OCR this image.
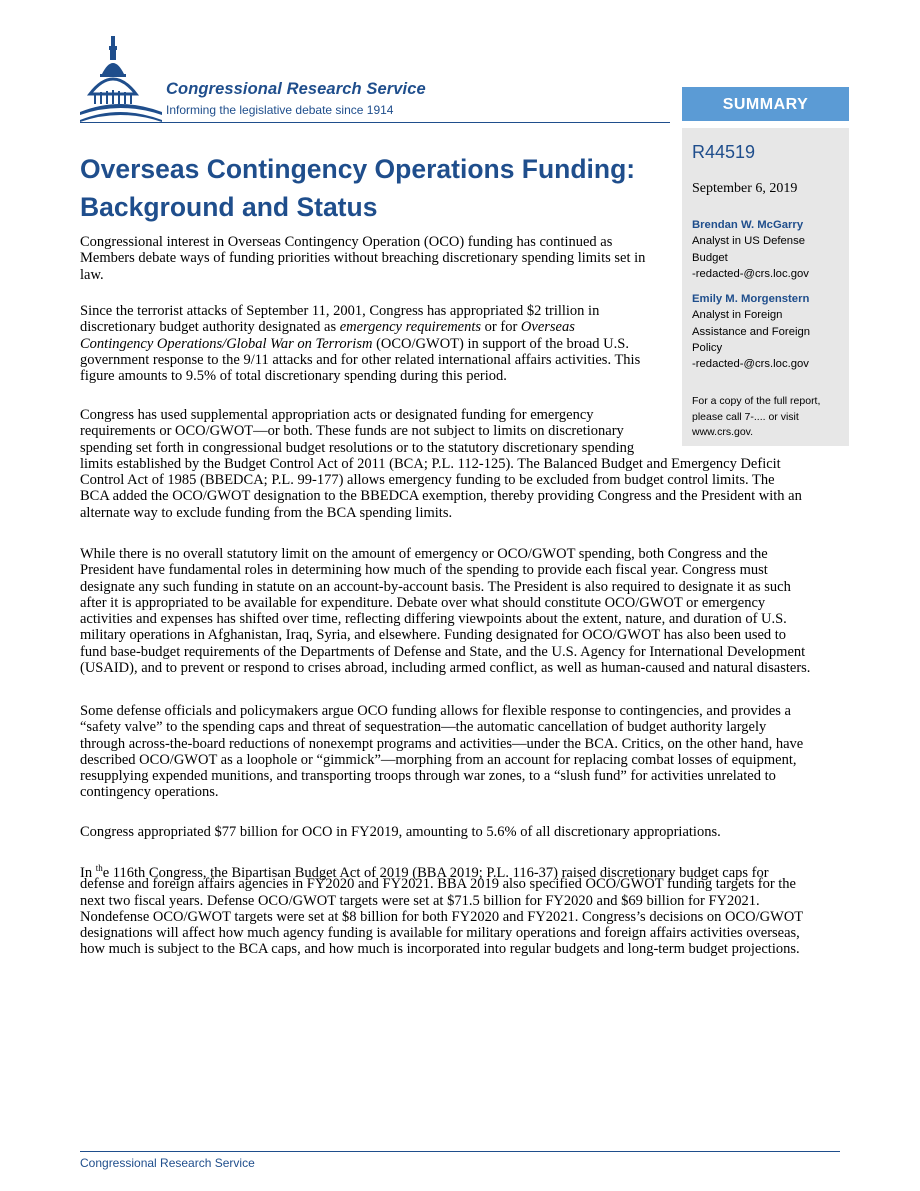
Congressional Research Service
Informing the legislative debate since 1914	SUMMARY
R44519
September 6, 2019
Brendan W. McGarry
Analyst in US Defense
Budget
-redacted-@crs.loc.gov
Emily M. Morgenstern
Analyst in Foreign
Assistance and Foreign
Policy
-redacted-@crs.loc.gov
For a copy of the full report,
please call 7-.... or visit
www.crs.gov.
Overseas Contingency Operations Funding:
Background and Status
Congressional interest in Overseas Contingency Operation (OCO) funding has continued as
Members debate ways of funding priorities without breaching discretionary spending limits set in
law.
Since the terrorist attacks of September 11, 2001, Congress has appropriated $2 trillion in
discretionary budget authority designated as emergency requirements or for Overseas
Contingency Operations/Global War on Terrorism (OCO/GWOT) in support of the broad U.S.
government response to the 9/11 attacks and for other related international affairs activities. This
figure amounts to 9.5% of total discretionary spending during this period.
Congress has used supplemental appropriation acts or designated funding for emergency
requirements or OCO/GWOT—or both. These funds are not subject to limits on discretionary
spending set forth in congressional budget resolutions or to the statutory discretionary spending
limits established by the Budget Control Act of 2011 (BCA; P.L. 112-125). The Balanced Budget and Emergency Deficit
Control Act of 1985 (BBEDCA; P.L. 99-177) allows emergency funding to be excluded from budget control limits. The
BCA added the OCO/GWOT designation to the BBEDCA exemption, thereby providing Congress and the President with an
alternate way to exclude funding from the BCA spending limits.
While there is no overall statutory limit on the amount of emergency or OCO/GWOT spending, both Congress and the
President have fundamental roles in determining how much of the spending to provide each fiscal year. Congress must
designate any such funding in statute on an account-by-account basis. The President is also required to designate it as such
after it is appropriated to be available for expenditure. Debate over what should constitute OCO/GWOT or emergency
activities and expenses has shifted over time, reflecting differing viewpoints about the extent, nature, and duration of U.S.
military operations in Afghanistan, Iraq, Syria, and elsewhere. Funding designated for OCO/GWOT has also been used to
fund base-budget requirements of the Departments of Defense and State, and the U.S. Agency for International Development
(USAID), and to prevent or respond to crises abroad, including armed conflict, as well as human-caused and natural disasters.
Some defense officials and policymakers argue OCO funding allows for flexible response to contingencies, and provides a
“safety valve” to the spending caps and threat of sequestration—the automatic cancellation of budget authority largely
through across-the-board reductions of nonexempt programs and activities—under the BCA. Critics, on the other hand, have
described OCO/GWOT as a loophole or “gimmick”—morphing from an account for replacing combat losses of equipment,
resupplying expended munitions, and transporting troops through war zones, to a “slush fund” for activities unrelated to
contingency operations.
Congress appropriated $77 billion for OCO in FY2019, amounting to 5.6% of all discretionary appropriations.
In $^{th}$e 116th Congress, the Bipartisan Budget Act of 2019 (BBA 2019; P.L. 116-37) raised discretionary budget caps for
defense and foreign affairs agencies in FY2020 and FY2021. BBA 2019 also specified OCO/GWOT funding targets for the
next two fiscal years. Defense OCO/GWOT targets were set at $71.5 billion for FY2020 and $69 billion for FY2021.
Nondefense OCO/GWOT targets were set at $8 billion for both FY2020 and FY2021. Congress’s decisions on OCO/GWOT
designations will affect how much agency funding is available for military operations and foreign affairs activities overseas,
how much is subject to the BCA caps, and how much is incorporated into regular budgets and long-term budget projections.
Congressional Research Service
